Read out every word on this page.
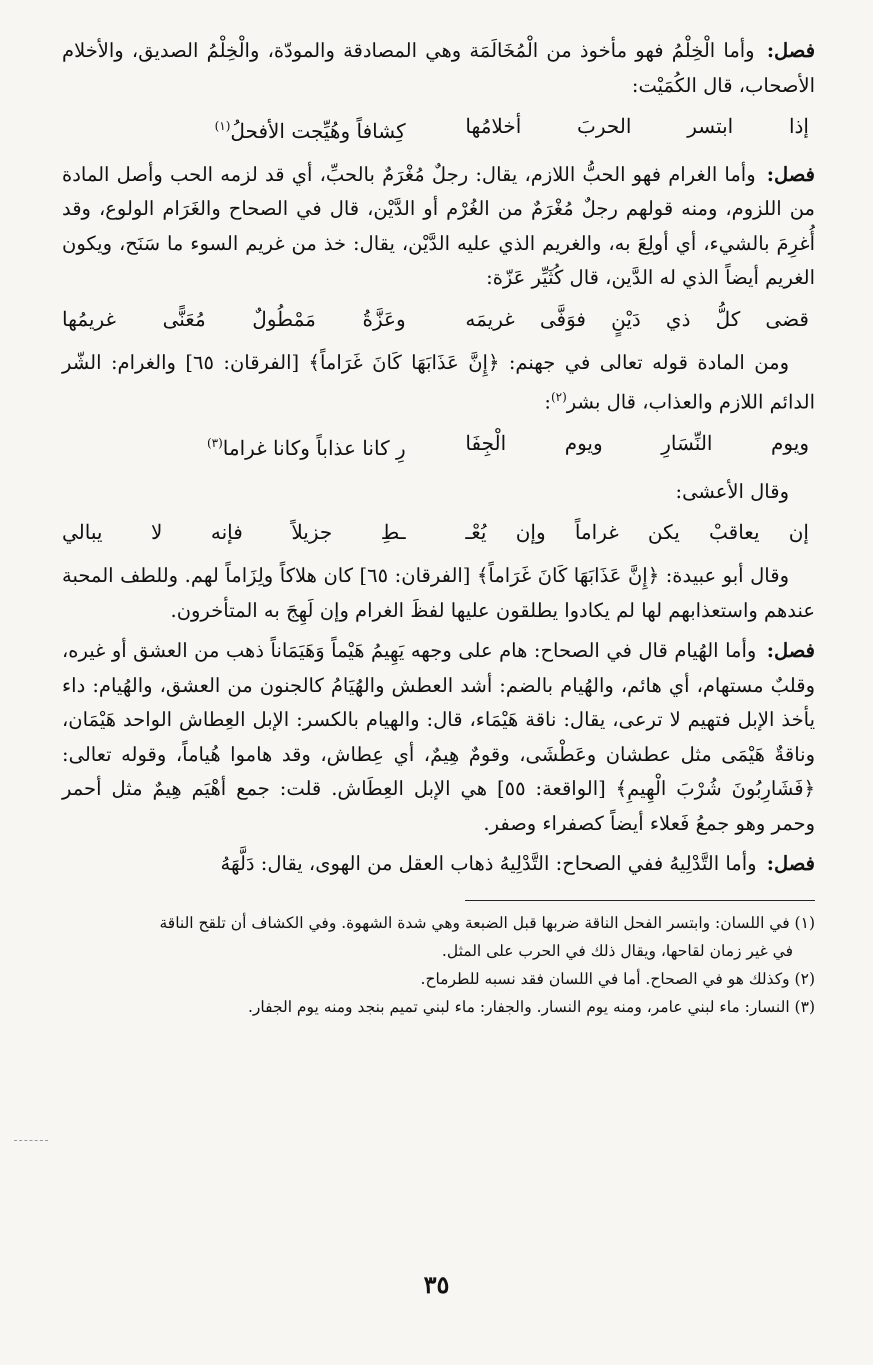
فصل: وأما الْخِلْمُ فهو مأخوذ من الْمُخَالَمَة وهي المصادقة والمودّة، والْخِلْمُ الصديق، والأخلام الأصحاب، قال الكُمَيْت:

إذا ابتسر الحربَ أخلامُها
كِشافاً وهُيِّجت الأفحلُ$^{(١)}$

فصل: وأما الغرام فهو الحبُّ اللازم، يقال: رجلٌ مُغْرَمٌ بالحبِّ، أي قد لزمه الحب وأصل المادة من اللزوم، ومنه قولهم رجلٌ مُغْرَمٌ من الغُرْم أو الدَّيْن، قال في الصحاح والغَرَام الولوع، وقد أُغرِمَ بالشيء، أي أولِعَ به، والغريم الذي عليه الدَّيْن، يقال: خذ من غريم السوء ما سَنَح، ويكون الغريم أيضاً الذي له الدَّين، قال كُثَيِّر عَزّة:

قضى كلُّ ذي دَيْنٍ فوَفَّى غريمَه
وعَزَّةُ مَمْطُولٌ مُعَنًّى غريمُها

ومن المادة قوله تعالى في جهنم: ﴿إِنَّ عَذَابَهَا كَانَ غَرَاماً﴾ [الفرقان: ٦٥] والغرام: الشّر الدائم اللازم والعذاب، قال بشر$^{(٢)}$:

ويوم النِّسَارِ ويوم الْجِفَا
رِ كانا عذاباً وكانا غراما$^{(٣)}$

وقال الأعشى:

إن يعاقبْ يكن غراماً وإن يُعْـ
ـطِ جزيلاً فإنه لا يبالي

وقال أبو عبيدة: ﴿إِنَّ عَذَابَهَا كَانَ غَرَاماً﴾ [الفرقان: ٦٥] كان هلاكاً ولِزَاماً لهم. وللطف المحبة عندهم واستعذابهم لها لم يكادوا يطلقون عليها لفظَ الغرام وإن لَهِجَ به المتأخرون.

فصل: وأما الهُيام قال في الصحاح: هام على وجهه يَهِيمُ هَيْماً وَهَيَمَاناً ذهب من العشق أو غيره، وقلبٌ مستهام، أي هائم، والهُيام بالضم: أشد العطش والهُيَامُ كالجنون من العشق، والهُيام: داء يأخذ الإبل فتهيم لا ترعى، يقال: ناقة هَيْمَاء، قال: والهيام بالكسر: الإبل العِطاش الواحد هَيْمَان، وناقةٌ هَيْمَى مثل عطشان وعَطْشَى، وقومٌ هِيمٌ، أي عِطاش، وقد هاموا هُياماً، وقوله تعالى: ﴿فَشَارِبُونَ شُرْبَ الْهِيمِ﴾ [الواقعة: ٥٥] هي الإبل العِطَاش. قلت: جمع أهْيَم هِيمٌ مثل أحمر وحمر وهو جمعُ فَعلاء أيضاً كصفراء وصفر.

فصل: وأما التَّدْلِيهُ ففي الصحاح: التَّدْلِيهُ ذهاب العقل من الهوى، يقال: دَلَّهَهُ

(١) في اللسان: وابتسر الفحل الناقة ضربها قبل الضبعة وهي شدة الشهوة. وفي الكشاف أن تلقح الناقة

في غير زمان لقاحها، ويقال ذلك في الحرب على المثل.

(٢) وكذلك هو في الصحاح. أما في اللسان فقد نسبه للطرماح.

(٣) النسار: ماء لبني عامر، ومنه يوم النسار. والجفار: ماء لبني تميم بنجد ومنه يوم الجفار.

٣٥
